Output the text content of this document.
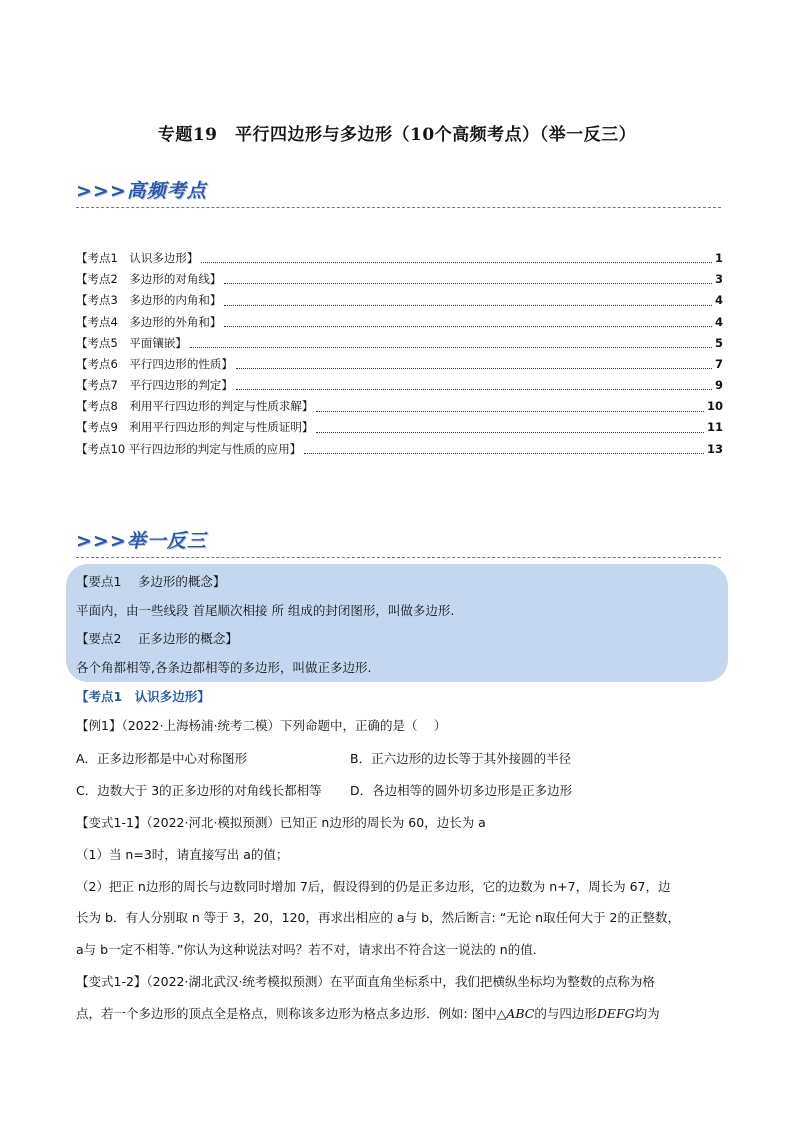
专题19　平行四边形与多边形（10个高频考点）（举一反三）
>>>高频考点
【考点1　认识多边形】	1
【考点2　多边形的对角线】	3
【考点3　多边形的内角和】	4
【考点4　多边形的外角和】	4
【考点5　平面镶嵌】	5
【考点6　平行四边形的性质】	7
【考点7　平行四边形的判定】	9
【考点8　利用平行四边形的判定与性质求解】	10
【考点9　利用平行四边形的判定与性质证明】	11
【考点10 平行四边形的判定与性质的应用】	13
>>>举一反三
【要点1　 多边形的概念】
平面内，由一些线段 首尾顺次相接 所 组成的封闭图形，叫做多边形.
【要点2　 正多边形的概念】
各个角都相等,各条边都相等的多边形，叫做正多边形.
【考点1　认识多边形】
【例1】（2022·上海杨浦·统考二模）下列命题中，正确的是（　 ）
A．正多边形都是中心对称图形	B．正六边形的边长等于其外接圆的半径
C．边数大于 3的正多边形的对角线长都相等 D．各边相等的圆外切多边形是正多边形
【变式1-1】（2022·河北·模拟预测）已知正 n边形的周长为 60，边长为 a
（1）当 n=3时，请直接写出 a的值；
（2）把正 n边形的周长与边数同时增加 7后，假设得到的仍是正多边形，它的边数为 n+7，周长为 67，边
长为 b．有人分别取 n 等于 3，20，120，再求出相应的 a与 b，然后断言: “无论 n取任何大于 2的正整数，
a与 b一定不相等．”你认为这种说法对吗？若不对，请求出不符合这一说法的 n的值．
【变式1-2】（2022·湖北武汉·统考模拟预测）在平面直角坐标系中，我们把横纵坐标均为整数的点称为格
点，若一个多边形的顶点全是格点，则称该多边形为格点多边形．例如: 图中△ABC的与四边形DEFG均为
